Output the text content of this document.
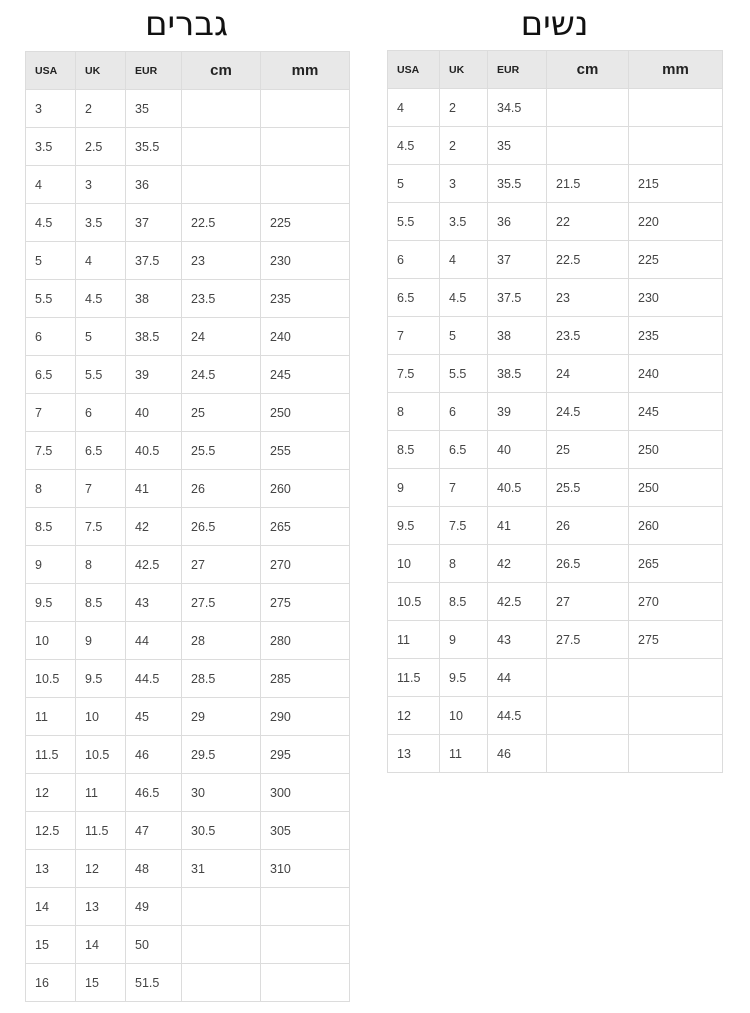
גברים	נשים
USA	UK	EUR	cm	mm
3	2	35		
3.5	2.5	35.5		
4	3	36		
4.5	3.5	37	22.5	225
5	4	37.5	23	230
5.5	4.5	38	23.5	235
6	5	38.5	24	240
6.5	5.5	39	24.5	245
7	6	40	25	250
7.5	6.5	40.5	25.5	255
8	7	41	26	260
8.5	7.5	42	26.5	265
9	8	42.5	27	270
9.5	8.5	43	27.5	275
10	9	44	28	280
10.5	9.5	44.5	28.5	285
11	10	45	29	290
11.5	10.5	46	29.5	295
12	11	46.5	30	300
12.5	11.5	47	30.5	305
13	12	48	31	310
14	13	49		
15	14	50		
16	15	51.5		
USA	UK	EUR	cm	mm
4	2	34.5		
4.5	2	35		
5	3	35.5	21.5	215
5.5	3.5	36	22	220
6	4	37	22.5	225
6.5	4.5	37.5	23	230
7	5	38	23.5	235
7.5	5.5	38.5	24	240
8	6	39	24.5	245
8.5	6.5	40	25	250
9	7	40.5	25.5	250
9.5	7.5	41	26	260
10	8	42	26.5	265
10.5	8.5	42.5	27	270
11	9	43	27.5	275
11.5	9.5	44		
12	10	44.5		
13	11	46		
